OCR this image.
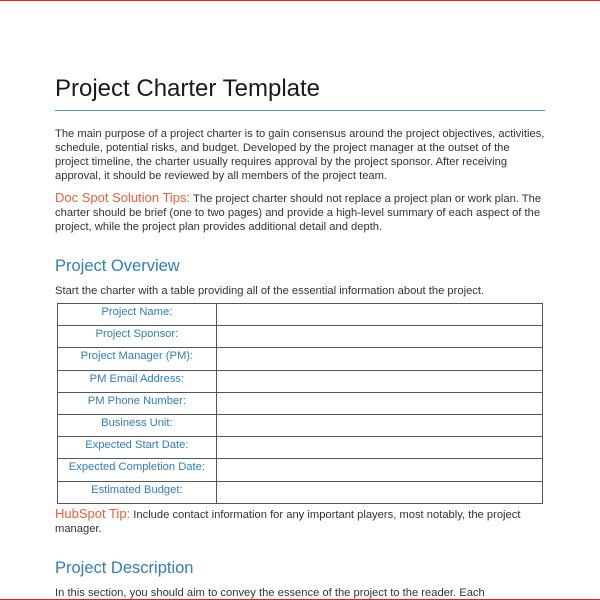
Project Charter Template

The main purpose of a project charter is to gain consensus around the project objectives, activities, schedule, potential risks, and budget. Developed by the project manager at the outset of the project timeline, the charter usually requires approval by the project sponsor. After receiving approval, it should be reviewed by all members of the project team.

Doc Spot Solution Tips: The project charter should not replace a project plan or work plan. The charter should be brief (one to two pages) and provide a high-level summary of each aspect of the project, while the project plan provides additional detail and depth.

Project Overview

Start the charter with a table providing all of the essential information about the project.

Project Name:	
Project Sponsor:	
Project Manager (PM):	
PM Email Address:	
PM Phone Number:	
Business Unit:	
Expected Start Date:	
Expected Completion Date:	
Estimated Budget:	

HubSpot Tip: Include contact information for any important players, most notably, the project manager.

Project Description

In this section, you should aim to convey the essence of the project to the reader. Each
